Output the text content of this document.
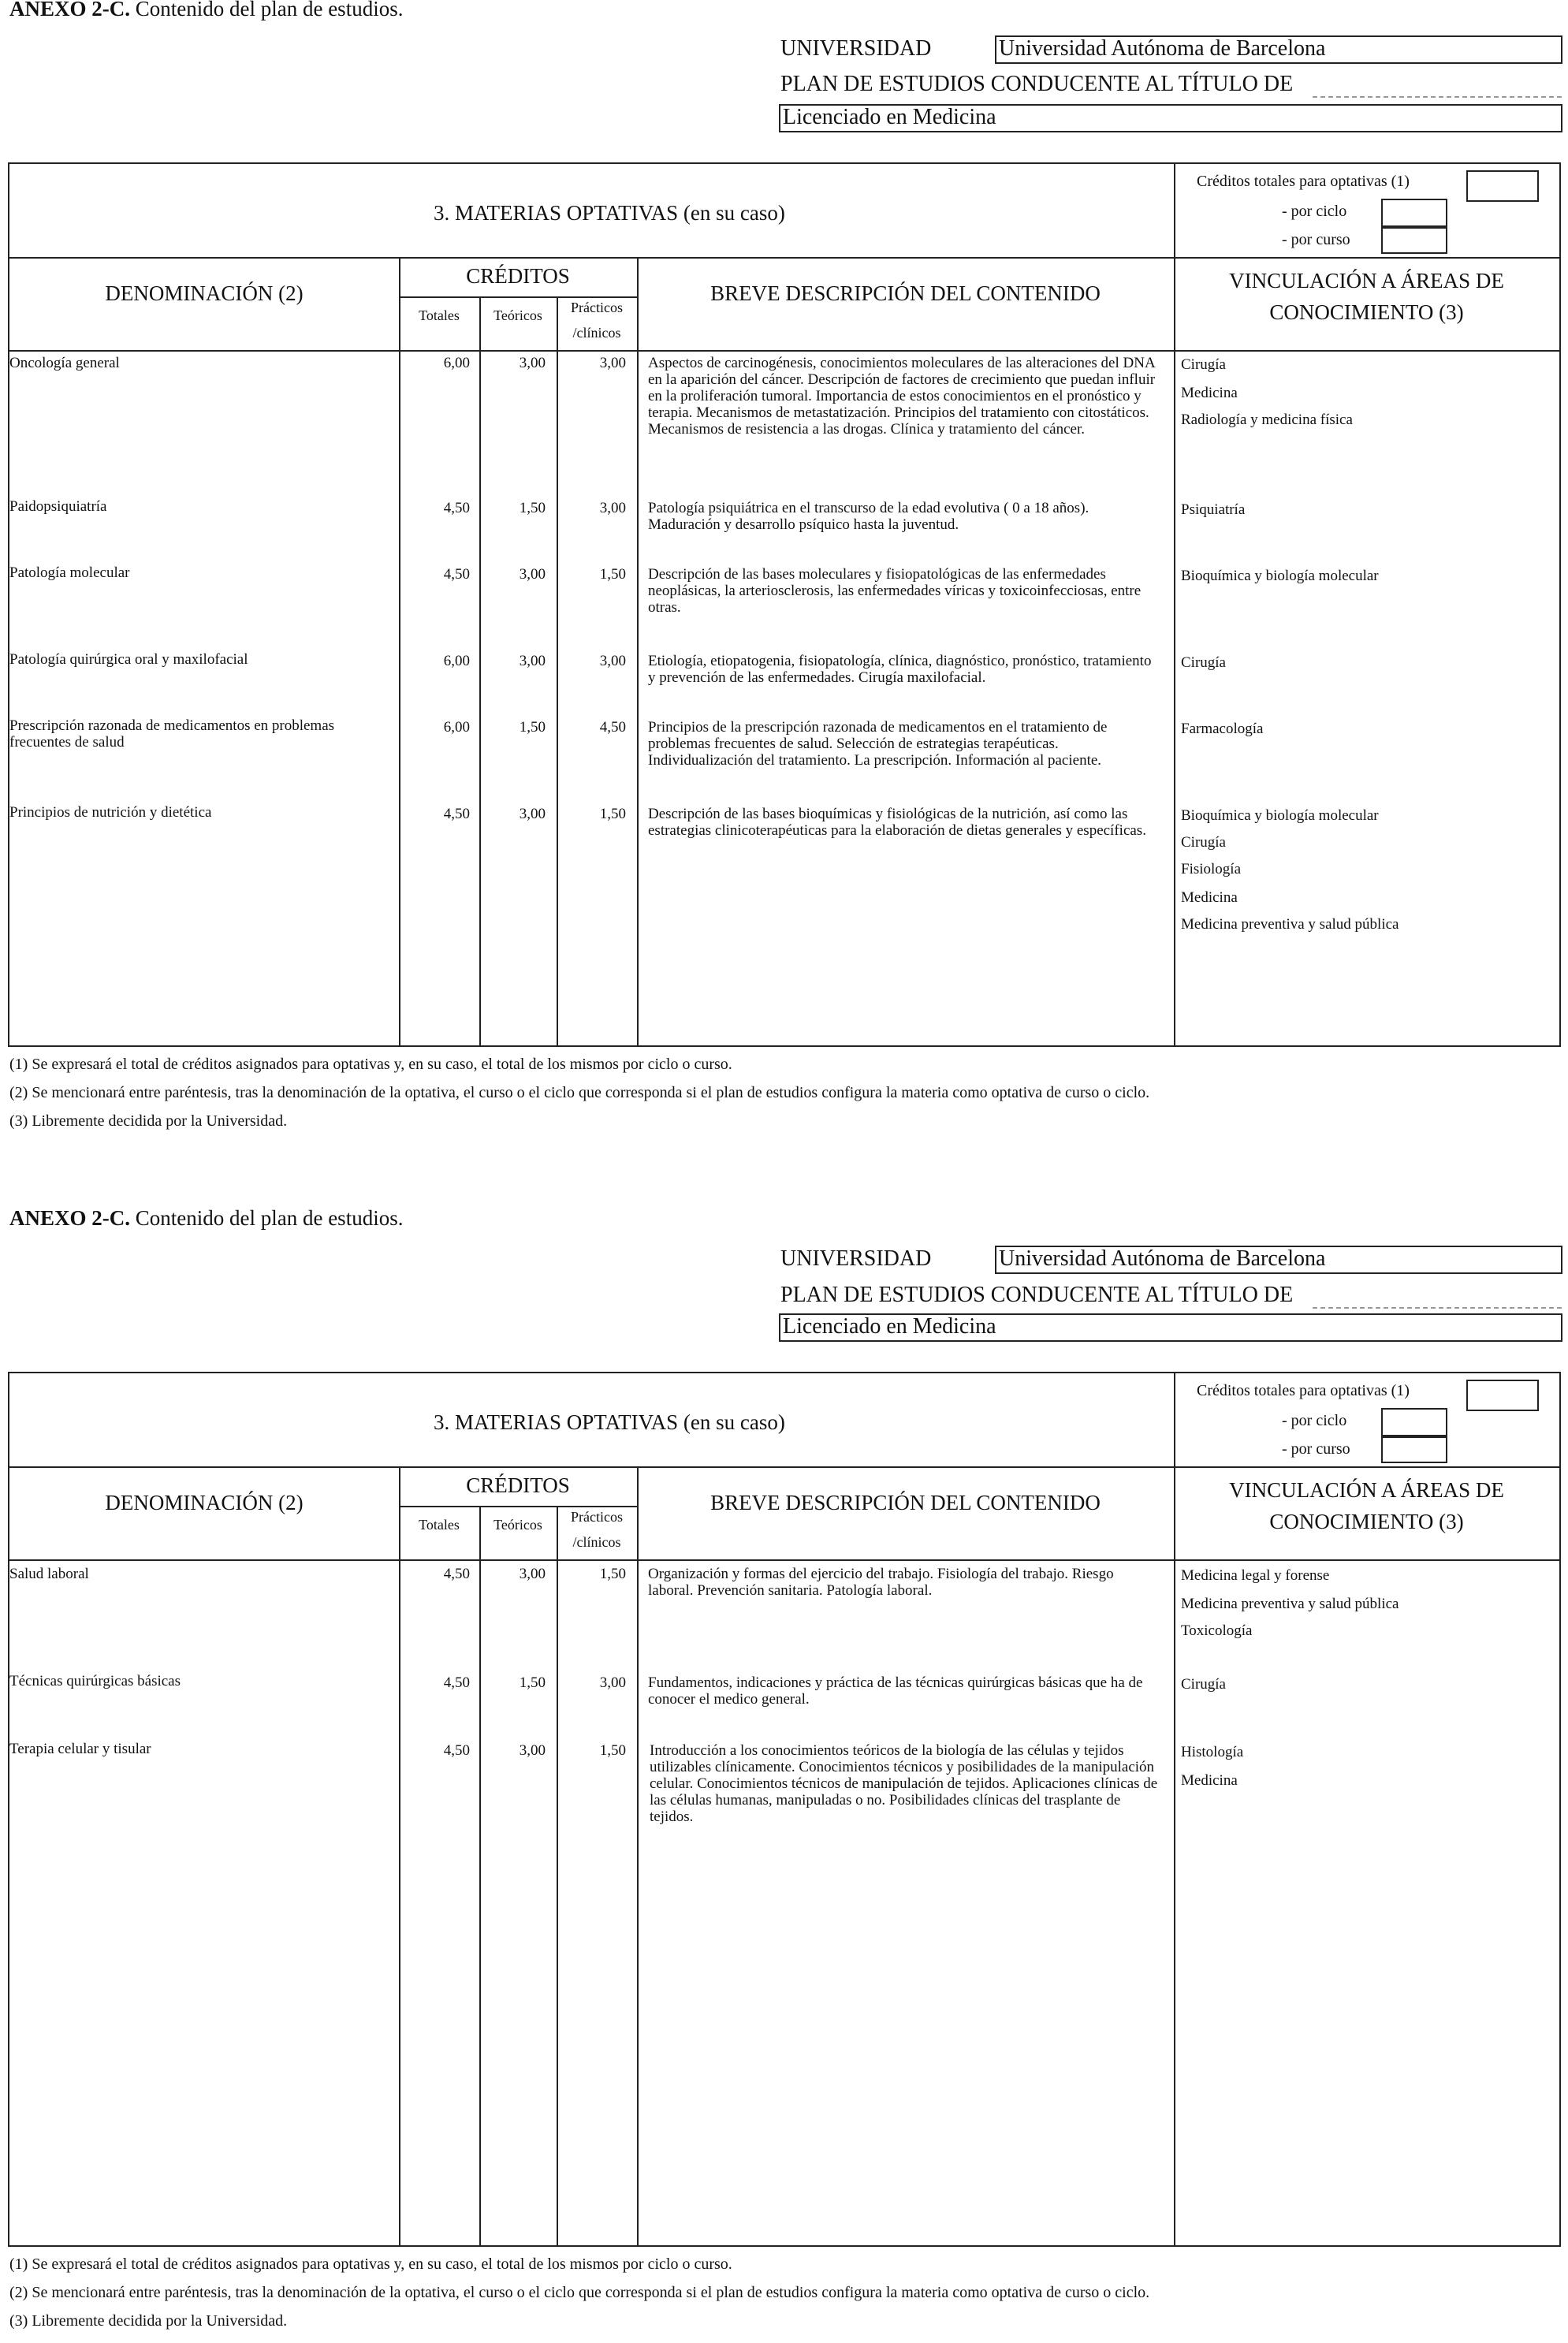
ANEXO 2-C. Contenido del plan de estudios.
UNIVERSIDAD	Universidad Autónoma de Barcelona
PLAN DE ESTUDIOS CONDUCENTE AL TÍTULO DE
Licenciado en Medicina
3. MATERIAS OPTATIVAS (en su caso)
Créditos totales para optativas (1)
- por ciclo
- por curso
DENOMINACIÓN (2)
CRÉDITOS
Totales	Teóricos	Prácticos
/clínicos
BREVE DESCRIPCIÓN DEL CONTENIDO
VINCULACIÓN A ÁREAS DE
CONOCIMIENTO (3)
Oncología general	6,00	3,00	3,00 Aspectos de carcinogénesis, conocimientos moleculares de las alteraciones del DNA en la aparición del cáncer. Descripción de factores de crecimiento que puedan influir en la proliferación tumoral. Importancia de estos conocimientos en el pronóstico y terapia. Mecanismos de metastatización. Principios del tratamiento con citostáticos. Mecanismos de resistencia a las drogas. Clínica y tratamiento del cáncer.
Cirugía
Medicina
Radiología y medicina física
Paidopsiquiatría	4,50	1,50	3,00 Patología psiquiátrica en el transcurso de la edad evolutiva ( 0 a 18 años). Maduración y desarrollo psíquico hasta la juventud.
Psiquiatría
Patología molecular	4,50	3,00	1,50 Descripción de las bases moleculares y fisiopatológicas de las enfermedades neoplásicas, la arteriosclerosis, las enfermedades víricas y toxicoinfecciosas, entre otras.
Bioquímica y biología molecular
Patología quirúrgica oral y maxilofacial	6,00	3,00	3,00 Etiología, etiopatogenia, fisiopatología, clínica, diagnóstico, pronóstico, tratamiento y prevención de las enfermedades. Cirugía maxilofacial.
Cirugía
Prescripción razonada de medicamentos en problemas frecuentes de salud
6,00	1,50	4,50 Principios de la prescripción razonada de medicamentos en el tratamiento de problemas frecuentes de salud. Selección de estrategias terapéuticas. Individualización del tratamiento. La prescripción. Información al paciente.
Farmacología
Principios de nutrición y dietética	4,50	3,00	1,50 Descripción de las bases bioquímicas y fisiológicas de la nutrición, así como las estrategias clinicoterapéuticas para la elaboración de dietas generales y específicas.
Bioquímica y biología molecular
Cirugía
Fisiología
Medicina
Medicina preventiva y salud pública
(1) Se expresará el total de créditos asignados para optativas y, en su caso, el total de los mismos por ciclo o curso.
(2) Se mencionará entre paréntesis, tras la denominación de la optativa, el curso o el ciclo que corresponda si el plan de estudios configura la materia como optativa de curso o ciclo.
(3) Libremente decidida por la Universidad.
ANEXO 2-C. Contenido del plan de estudios.
UNIVERSIDAD	Universidad Autónoma de Barcelona
PLAN DE ESTUDIOS CONDUCENTE AL TÍTULO DE
Licenciado en Medicina
3. MATERIAS OPTATIVAS (en su caso)
Créditos totales para optativas (1)
- por ciclo
- por curso
DENOMINACIÓN (2)
CRÉDITOS
Totales	Teóricos	Prácticos
/clínicos
BREVE DESCRIPCIÓN DEL CONTENIDO
VINCULACIÓN A ÁREAS DE
CONOCIMIENTO (3)
Salud laboral	4,50	3,00	1,50 Organización y formas del ejercicio del trabajo. Fisiología del trabajo. Riesgo laboral. Prevención sanitaria. Patología laboral.
Medicina legal y forense
Medicina preventiva y salud pública
Toxicología
Técnicas quirúrgicas básicas	4,50	1,50	3,00 Fundamentos, indicaciones y práctica de las técnicas quirúrgicas básicas que ha de conocer el medico general.
Cirugía
Terapia celular y tisular	4,50	3,00	1,50 Introducción a los conocimientos teóricos de la biología de las células y tejidos utilizables clínicamente. Conocimientos técnicos y posibilidades de la manipulación celular. Conocimientos técnicos de manipulación de tejidos. Aplicaciones clínicas de las células humanas, manipuladas o no. Posibilidades clínicas del trasplante de tejidos.
Histología
Medicina
(1) Se expresará el total de créditos asignados para optativas y, en su caso, el total de los mismos por ciclo o curso.
(2) Se mencionará entre paréntesis, tras la denominación de la optativa, el curso o el ciclo que corresponda si el plan de estudios configura la materia como optativa de curso o ciclo.
(3) Libremente decidida por la Universidad.
